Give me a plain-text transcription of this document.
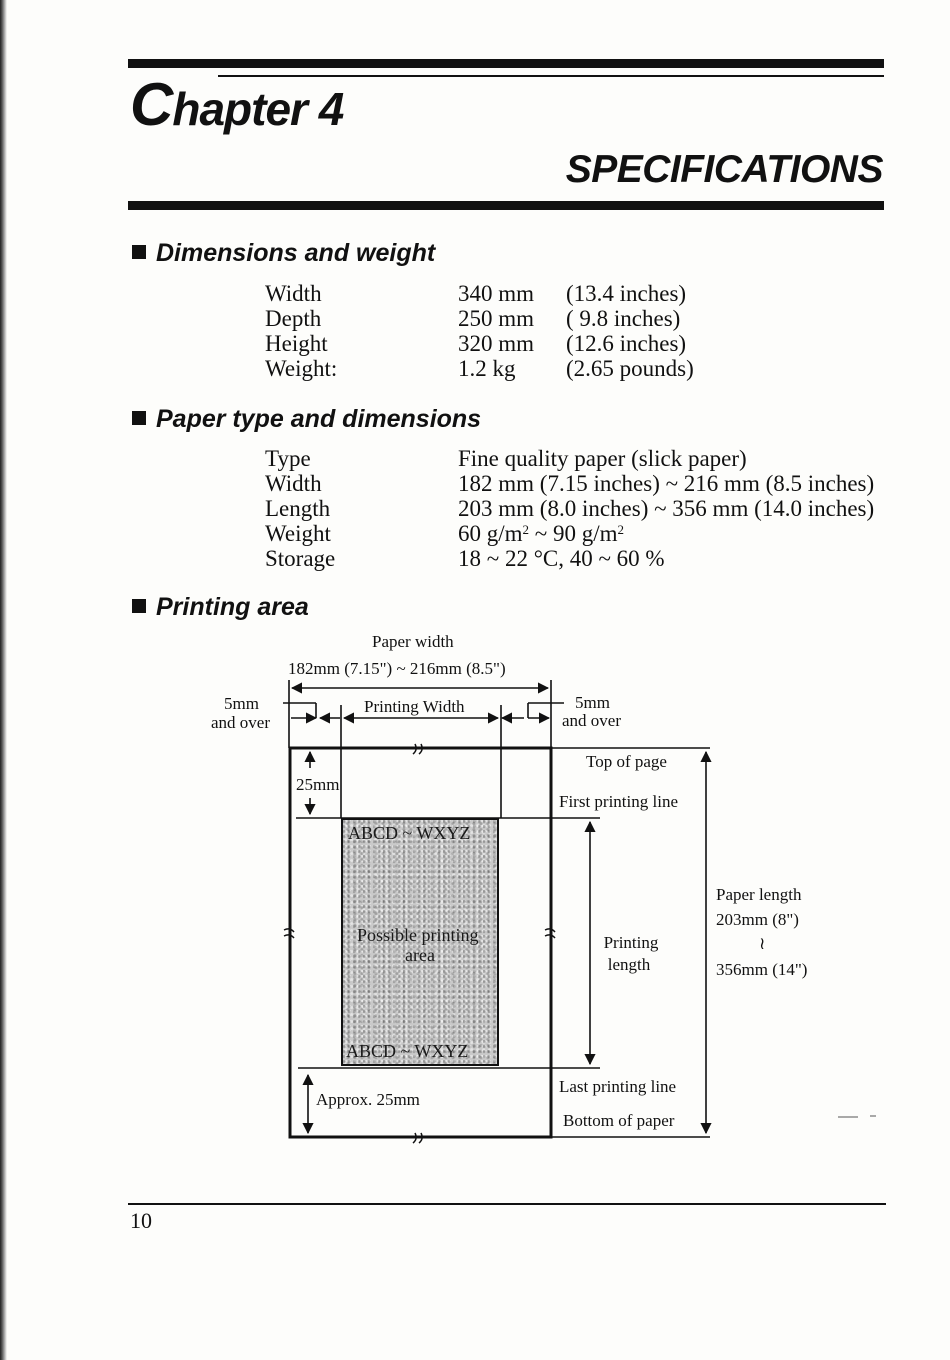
Chapter 4
SPECIFICATIONS
Dimensions and weight
Width	340 mm	(13.4 inches)
Depth	250 mm	( 9.8 inches)
Height	320 mm	(12.6 inches)
Weight:	1.2 kg	(2.65 pounds)
Paper type and dimensions
Type	Fine quality paper (slick paper)
Width	182 mm (7.15 inches) ~ 216 mm (8.5 inches)
Length	203 mm (8.0 inches) ~ 356 mm (14.0 inches)
Weight	60 $g/m^2$ ~ 90 $g/m^2$
Storage	18 ~ 22 °C, 40 ~ 60 %
Printing area
ABCD ~ WXYZ
Possible printing
area
ABCD ~ WXYZ
Paper width
182mm (7.15") ~ 216mm (8.5")
5mm
and over
Printing Width	5mm
and over
25mm
Top of page
First printing line
Printing
length
Paper length
203mm (8")
≀
356mm (14")
Last printing line
Approx. 25mm
Bottom of paper
10
